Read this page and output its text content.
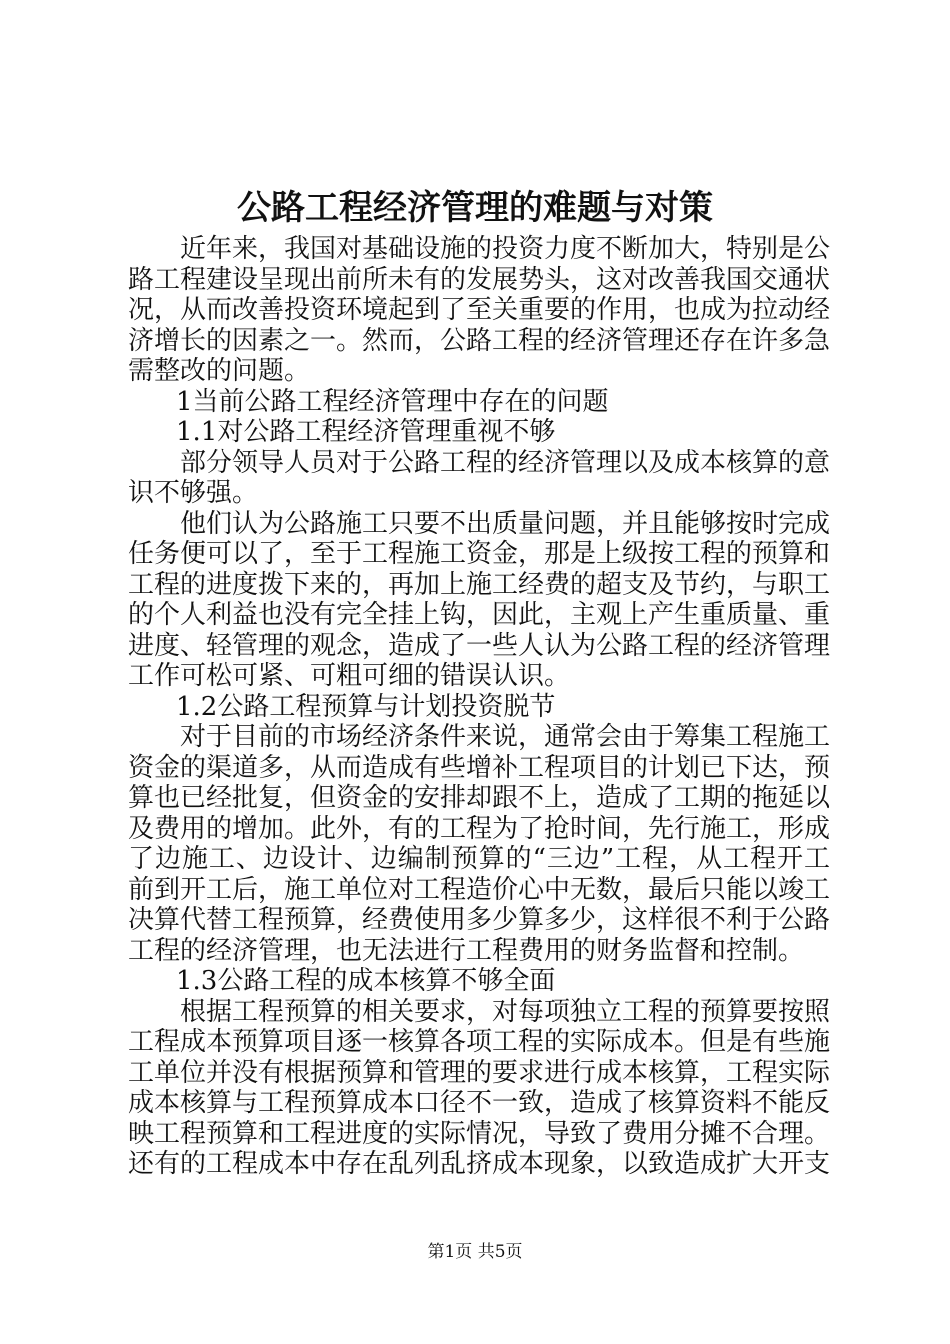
公路工程经济管理的难题与对策

近年来，我国对基础设施的投资力度不断加大，特别是公路工程建设呈现出前所未有的发展势头，这对改善我国交通状况，从而改善投资环境起到了至关重要的作用，也成为拉动经济增长的因素之一。然而，公路工程的经济管理还存在许多急需整改的问题。

1当前公路工程经济管理中存在的问题

1.1对公路工程经济管理重视不够

部分领导人员对于公路工程的经济管理以及成本核算的意识不够强。

他们认为公路施工只要不出质量问题，并且能够按时完成任务便可以了，至于工程施工资金，那是上级按工程的预算和工程的进度拨下来的，再加上施工经费的超支及节约，与职工的个人利益也没有完全挂上钩，因此，主观上产生重质量、重进度、轻管理的观念，造成了一些人认为公路工程的经济管理工作可松可紧、可粗可细的错误认识。

1.2公路工程预算与计划投资脱节

对于目前的市场经济条件来说，通常会由于筹集工程施工资金的渠道多，从而造成有些增补工程项目的计划已下达，预算也已经批复，但资金的安排却跟不上，造成了工期的拖延以及费用的增加。此外，有的工程为了抢时间，先行施工，形成了边施工、边设计、边编制预算的“三边”工程，从工程开工前到开工后，施工单位对工程造价心中无数，最后只能以竣工决算代替工程预算，经费使用多少算多少，这样很不利于公路工程的经济管理，也无法进行工程费用的财务监督和控制。

1.3公路工程的成本核算不够全面

根据工程预算的相关要求，对每项独立工程的预算要按照工程成本预算项目逐一核算各项工程的实际成本。但是有些施工单位并没有根据预算和管理的要求进行成本核算，工程实际成本核算与工程预算成本口径不一致，造成了核算资料不能反映工程预算和工程进度的实际情况，导致了费用分摊不合理。还有的工程成本中存在乱列乱挤成本现象，以致造成扩大开支

第1页 共5页
